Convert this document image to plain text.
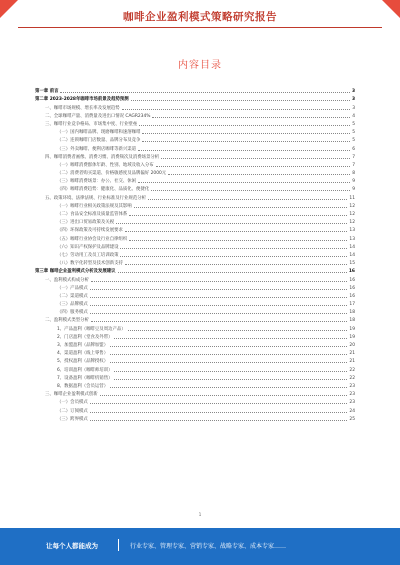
咖啡企业盈利模式策略研究报告
内容目录
第一章 前言	3
第二章 2023-2028年咖啡市场前景及趋势预测	3
一、咖啡市场规模、增长率及发展趋势	3
二、全球咖啡产量、消费量及进出口情况 CAGR234%	4
三、咖啡行业竞争格局、市场集中度、行业壁垒	5
（一）国内咖啡品牌、现磨咖啡和速溶咖啡	5
（二）连锁咖啡门店数量、品牌分布及竞争	5
（三）外卖咖啡、便利店咖啡等新兴渠道	6
四、咖啡消费者画像、消费习惯、消费频次及消费场景分析	7
（一）咖啡消费群体年龄、性别、地域及收入分布	7
（二）消费者购买渠道、价格敏感度及品牌偏好 2000元	8
（三）咖啡消费场景：办公、社交、休闲	9
（四）咖啡消费趋势：健康化、品质化、便捷化	9
五、政策环境、法律法规、行业标准及行业规范分析	11
（一）咖啡行业相关政策法规及其影响	12
（二）食品安全标准及质量监管体系	12
（三）进出口贸易政策及关税	12
（四）环保政策及可持续发展要求	13
（五）咖啡行业协会及行业自律组织	13
（六）知识产权保护及品牌建设	14
（七）劳动用工及员工培训政策	14
（八）数字化转型及技术创新支持	15
第三章 咖啡企业盈利模式分析及发展建议	16
一、盈利模式构成分析	16
（一）产品模式	16
（二）渠道模式	16
（三）品牌模式	17
（四）服务模式	18
二、盈利模式类型分析	18
1、产品盈利（咖啡豆及周边产品）	19
2、门店盈利（堂食及外带）	19
3、加盟盈利（品牌加盟）	20
4、渠道盈利（线上零售）	21
5、授权盈利（品牌授权）	21
6、培训盈利（咖啡师培训）	22
7、设备盈利（咖啡机销售）	22
8、数据盈利（会员运营）	23
三、咖啡企业盈利模式创新	23
（一）会员模式	23
（二）订阅模式	24
（三）跨界模式	25
1
让每个人都能成为	行业专家、管理专家、营销专家、战略专家、成本专家……
